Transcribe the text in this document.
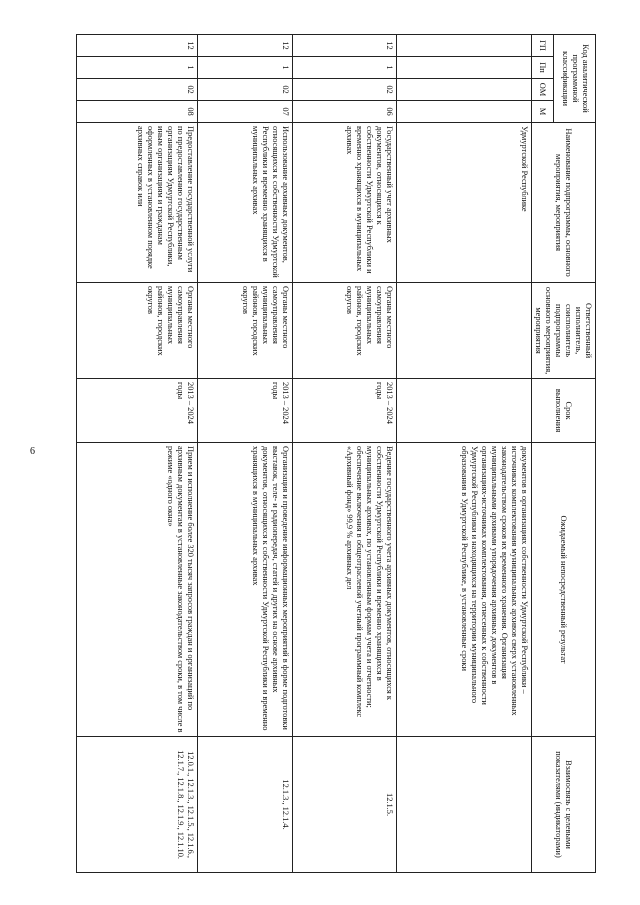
6
Код аналитической программной классификации				Наименование подпрограммы, основного мероприятия, мероприятия	Ответственный исполнитель, соисполнитель подпрограммы основного мероприятия, мероприятия	Срок выполнения	Ожидаемый непосредственный результат	Взаимосвязь с целевыми показателями (индикаторами)
ГП	Пп	ОМ	М					
				Удмуртской Республике			документов в организациях собственности Удмуртской Республики – источниках комплектования муниципальных архивов сверх установленных законодательством сроков их временного хранения. Организация муниципальными архивами упорядочения архивных документов в организациях-источниках комплектования, отнесенных к собственности Удмуртской Республики и находящихся на территории муниципального образования в Удмуртской Республике, в установленные сроки	
12	1	02	06	Государственный учет архивных документов, относящихся к собственности Удмуртской Республики и временно хранящихся в муниципальных архивах	Органы местного самоуправления муниципальных районов, городских округов	2013 – 2024 годы	Ведение государственного учета архивных документов, относящихся к собственности Удмуртской Республики и временно хранящихся в муниципальных архивах, по установленным формам учета и отчетности; обеспечение включения в общеотраслевой учетный программный комплекс «Архивный фонд» 99,9 % архивных дел	12.1.5.
12	1	02	07	Использование архивных документов, относящихся к собственности Удмуртской Республики и временно хранящихся в муниципальных архивах	Органы местного самоуправления муниципальных районов, городских округов	2013 – 2024 годы	Организация и проведение информационных мероприятий в форме подготовки выставок, теле- и радиопередач, статей и других на основе архивных документов, относящихся к собственности Удмуртской Республики и временно хранящихся в муниципальных архивах	12.1.3., 12.1.4.
12	1	02	08	Предоставление государственной услуги по предоставлению государственным организациям Удмуртской Республики, иным организациям и гражданам оформленных в установленном порядке архивных справок или	Органы местного самоуправления муниципальных районов, городских округов	2013 – 2024 годы	Прием и исполнение более 320 тысяч запросов граждан и организаций по архивным документам в установленные законодательством сроки, в том числе в режиме «одного окна»	12.0.1., 12.1.3., 12.1.5., 12.1.6., 12.1.7., 12.1.8., 12.1.9., 12.1.10.
